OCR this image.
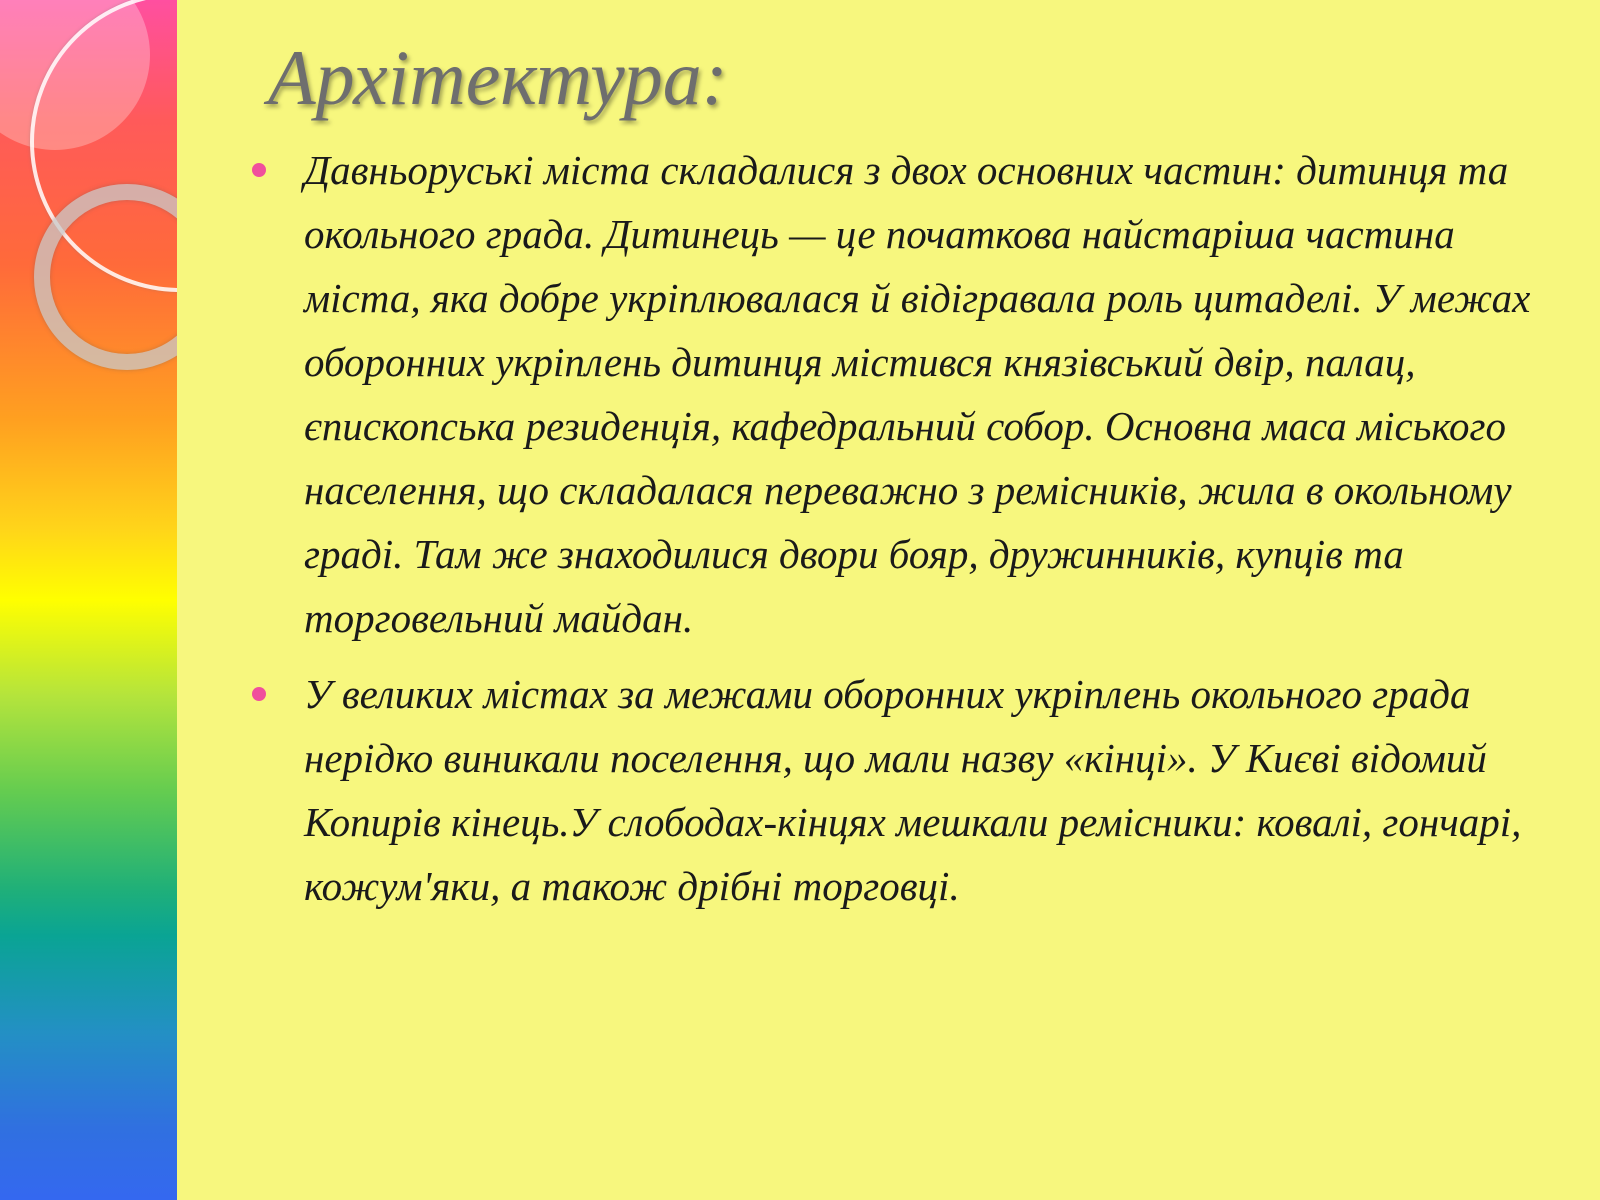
Архітектура:
Давньоруські міста складалися з двох основних частин: дитинця та окольного града. Дитинець — це початкова найстаріша частина міста, яка добре укріплювалася й відігравала роль цитаделі. У межах оборонних укріплень дитинця містився князівський двір, палац, єпископська резиденція, кафедральний собор. Основна маса міського населення, що складалася переважно з ремісників, жила в окольному граді. Там же знаходилися двори бояр, дружинників, купців та торговельний майдан.
У великих містах за межами оборонних укріплень окольного града нерідко виникали поселення, що мали назву «кінці». У Києві відомий Копирів кінець.У слободах-кінцях мешкали ремісники: ковалі, гончарі, кожум'яки, а також дрібні торговці.
